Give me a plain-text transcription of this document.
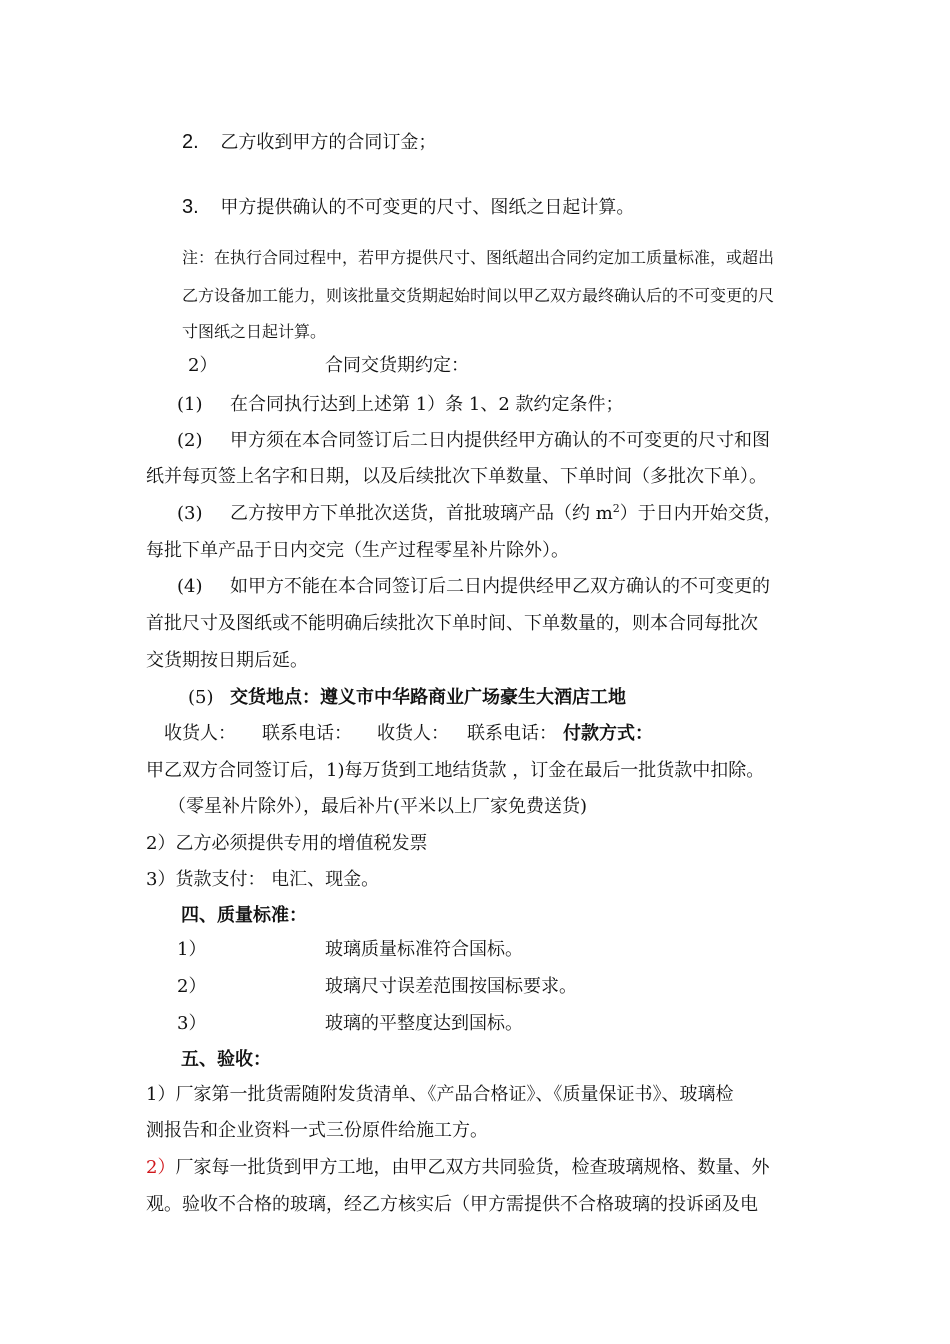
2. 乙方收到甲方的合同订金；
3. 甲方提供确认的不可变更的尺寸、图纸之日起计算。
注：在执行合同过程中，若甲方提供尺寸、图纸超出合同约定加工质量标准，或超出
乙方设备加工能力，则该批量交货期起始时间以甲乙双方最终确认后的不可变更的尺
寸图纸之日起计算。
2）	合同交货期约定：
(1) 在合同执行达到上述第 1）条 1、2 款约定条件；
(2) 甲方须在本合同签订后二日内提供经甲方确认的不可变更的尺寸和图
纸并每页签上名字和日期，以及后续批次下单数量、下单时间（多批次下单）。
(3) 乙方按甲方下单批次送货，首批玻璃产品（约 $m^2$）于日内开始交货，
每批下单产品于日内交完（生产过程零星补片除外）。
(4) 如甲方不能在本合同签订后二日内提供经甲乙双方确认的不可变更的
首批尺寸及图纸或不能明确后续批次下单时间、下单数量的，则本合同每批次
交货期按日期后延。
(5) 交货地点：遵义市中华路商业广场豪生大酒店工地
收货人： 联系电话： 收货人： 联系电话： 付款方式：
甲乙双方合同签订后，1)每万货到工地结货款 ，订金在最后一批货款中扣除。
（零星补片除外），最后补片(平米以上厂家免费送货)
2）乙方必须提供专用的增值税发票
3）货款支付： 电汇、现金。
四、质量标准：
1）	玻璃质量标准符合国标。
2）	玻璃尺寸误差范围按国标要求。
3）	玻璃的平整度达到国标。
五、验收：
1）厂家第一批货需随附发货清单、《产品合格证》、《质量保证书》、玻璃检
测报告和企业资料一式三份原件给施工方。
2）厂家每一批货到甲方工地，由甲乙双方共同验货，检查玻璃规格、数量、外
观。验收不合格的玻璃，经乙方核实后（甲方需提供不合格玻璃的投诉函及电
